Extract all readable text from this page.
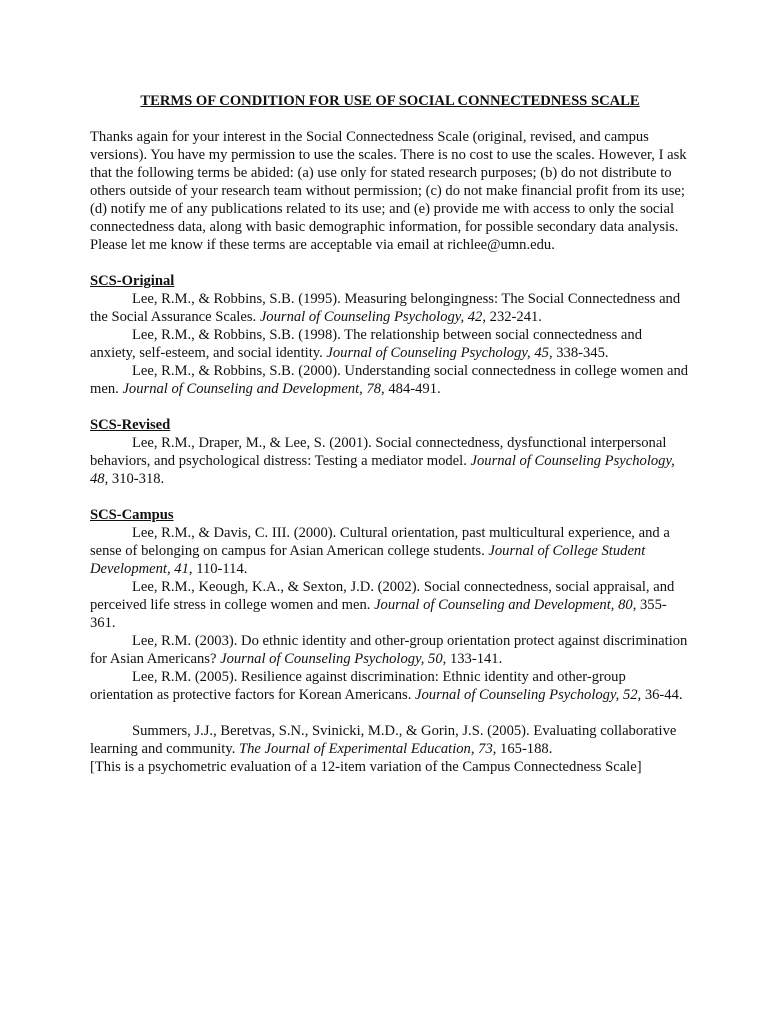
TERMS OF CONDITION FOR USE OF SOCIAL CONNECTEDNESS SCALE

Thanks again for your interest in the Social Connectedness Scale (original, revised, and campus versions). You have my permission to use the scales. There is no cost to use the scales. However, I ask that the following terms be abided: (a) use only for stated research purposes; (b) do not distribute to others outside of your research team without permission; (c) do not make financial profit from its use; (d) notify me of any publications related to its use; and (e) provide me with access to only the social connectedness data, along with basic demographic information, for possible secondary data analysis. Please let me know if these terms are acceptable via email at richlee@umn.edu.

SCS-Original

Lee, R.M., & Robbins, S.B. (1995). Measuring belongingness: The Social Connectedness and the Social Assurance Scales. Journal of Counseling Psychology, 42, 232-241.

Lee, R.M., & Robbins, S.B. (1998). The relationship between social connectedness and anxiety, self-esteem, and social identity. Journal of Counseling Psychology, 45, 338-345.

Lee, R.M., & Robbins, S.B. (2000). Understanding social connectedness in college women and men. Journal of Counseling and Development, 78, 484-491.

SCS-Revised

Lee, R.M., Draper, M., & Lee, S. (2001). Social connectedness, dysfunctional interpersonal behaviors, and psychological distress: Testing a mediator model. Journal of Counseling Psychology, 48, 310-318.

SCS-Campus

Lee, R.M., & Davis, C. III. (2000). Cultural orientation, past multicultural experience, and a sense of belonging on campus for Asian American college students. Journal of College Student Development, 41, 110-114.

Lee, R.M., Keough, K.A., & Sexton, J.D. (2002). Social connectedness, social appraisal, and perceived life stress in college women and men. Journal of Counseling and Development, 80, 355-361.

Lee, R.M. (2003). Do ethnic identity and other-group orientation protect against discrimination for Asian Americans? Journal of Counseling Psychology, 50, 133-141.

Lee, R.M. (2005). Resilience against discrimination: Ethnic identity and other-group orientation as protective factors for Korean Americans. Journal of Counseling Psychology, 52, 36-44.

Summers, J.J., Beretvas, S.N., Svinicki, M.D., & Gorin, J.S. (2005). Evaluating collaborative learning and community. The Journal of Experimental Education, 73, 165-188.

[This is a psychometric evaluation of a 12-item variation of the Campus Connectedness Scale]
